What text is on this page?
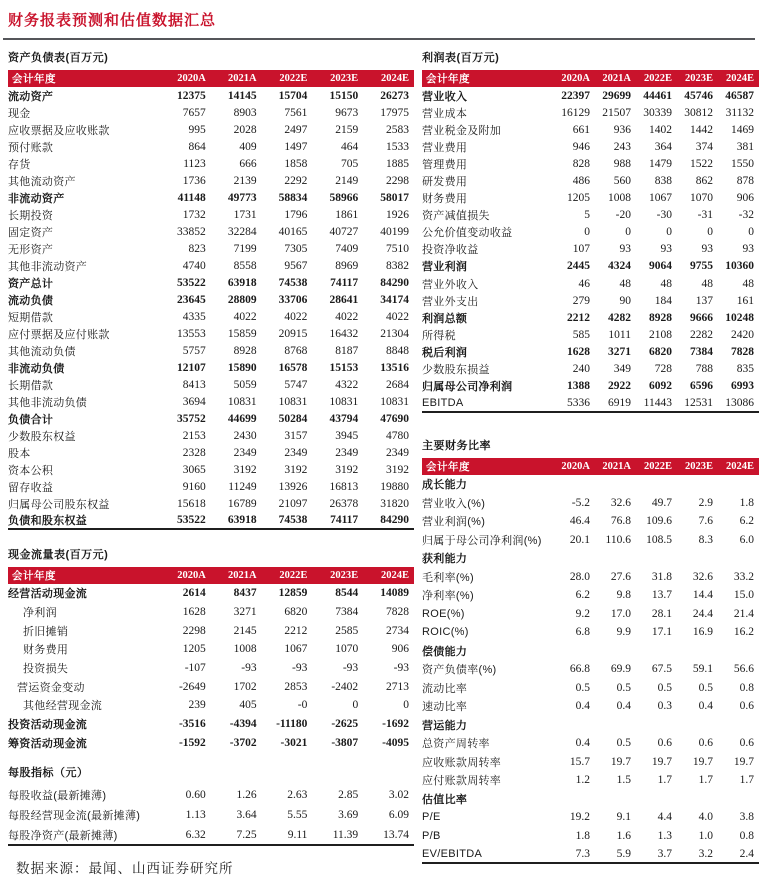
财务报表预测和估值数据汇总
资产负债表(百万元)
会计年度	2020A	2021A	2022E	2023E	2024E
流动资产	12375	14145	15704	15150	26273
现金	7657	8903	7561	9673	17975
应收票据及应收账款	995	2028	2497	2159	2583
预付账款	864	409	1497	464	1533
存货	1123	666	1858	705	1885
其他流动资产	1736	2139	2292	2149	2298
非流动资产	41148	49773	58834	58966	58017
长期投资	1732	1731	1796	1861	1926
固定资产	33852	32284	40165	40727	40199
无形资产	823	7199	7305	7409	7510
其他非流动资产	4740	8558	9567	8969	8382
资产总计	53522	63918	74538	74117	84290
流动负债	23645	28809	33706	28641	34174
短期借款	4335	4022	4022	4022	4022
应付票据及应付账款	13553	15859	20915	16432	21304
其他流动负债	5757	8928	8768	8187	8848
非流动负债	12107	15890	16578	15153	13516
长期借款	8413	5059	5747	4322	2684
其他非流动负债	3694	10831	10831	10831	10831
负债合计	35752	44699	50284	43794	47690
少数股东权益	2153	2430	3157	3945	4780
股本	2328	2349	2349	2349	2349
资本公积	3065	3192	3192	3192	3192
留存收益	9160	11249	13926	16813	19880
归属母公司股东权益	15618	16789	21097	26378	31820
负债和股东权益	53522	63918	74538	74117	84290
现金流量表(百万元)
会计年度	2020A	2021A	2022E	2023E	2024E
经营活动现金流	2614	8437	12859	8544	14089
净利润	1628	3271	6820	7384	7828
折旧摊销	2298	2145	2212	2585	2734
财务费用	1205	1008	1067	1070	906
投资损失	-107	-93	-93	-93	-93
营运资金变动	-2649	1702	2853	-2402	2713
其他经营现金流	239	405	-0	0	0
投资活动现金流	-3516	-4394	-11180	-2625	-1692
筹资活动现金流	-1592	-3702	-3021	-3807	-4095
每股指标（元）
每股收益(最新摊薄)	0.60	1.26	2.63	2.85	3.02
每股经营现金流(最新摊薄)	1.13	3.64	5.55	3.69	6.09
每股净资产(最新摊薄)	6.32	7.25	9.11	11.39	13.74
数据来源：最闻、山西证券研究所
利润表(百万元)
会计年度	2020A	2021A	2022E	2023E	2024E
营业收入	22397	29699	44461	45746	46587
营业成本	16129	21507	30339	30812	31132
营业税金及附加	661	936	1402	1442	1469
营业费用	946	243	364	374	381
管理费用	828	988	1479	1522	1550
研发费用	486	560	838	862	878
财务费用	1205	1008	1067	1070	906
资产减值损失	5	-20	-30	-31	-32
公允价值变动收益	0	0	0	0	0
投资净收益	107	93	93	93	93
营业利润	2445	4324	9064	9755	10360
营业外收入	46	48	48	48	48
营业外支出	279	90	184	137	161
利润总额	2212	4282	8928	9666	10248
所得税	585	1011	2108	2282	2420
税后利润	1628	3271	6820	7384	7828
少数股东损益	240	349	728	788	835
归属母公司净利润	1388	2922	6092	6596	6993
EBITDA	5336	6919	11443	12531	13086
主要财务比率
会计年度	2020A	2021A	2022E	2023E	2024E
成长能力					
营业收入(%)	-5.2	32.6	49.7	2.9	1.8
营业利润(%)	46.4	76.8	109.6	7.6	6.2
归属于母公司净利润(%)	20.1	110.6	108.5	8.3	6.0
获利能力					
毛利率(%)	28.0	27.6	31.8	32.6	33.2
净利率(%)	6.2	9.8	13.7	14.4	15.0
ROE(%)	9.2	17.0	28.1	24.4	21.4
ROIC(%)	6.8	9.9	17.1	16.9	16.2
偿债能力					
资产负债率(%)	66.8	69.9	67.5	59.1	56.6
流动比率	0.5	0.5	0.5	0.5	0.8
速动比率	0.4	0.4	0.3	0.4	0.6
营运能力					
总资产周转率	0.4	0.5	0.6	0.6	0.6
应收账款周转率	15.7	19.7	19.7	19.7	19.7
应付账款周转率	1.2	1.5	1.7	1.7	1.7
估值比率					
P/E	19.2	9.1	4.4	4.0	3.8
P/B	1.8	1.6	1.3	1.0	0.8
EV/EBITDA	7.3	5.9	3.7	3.2	2.4
